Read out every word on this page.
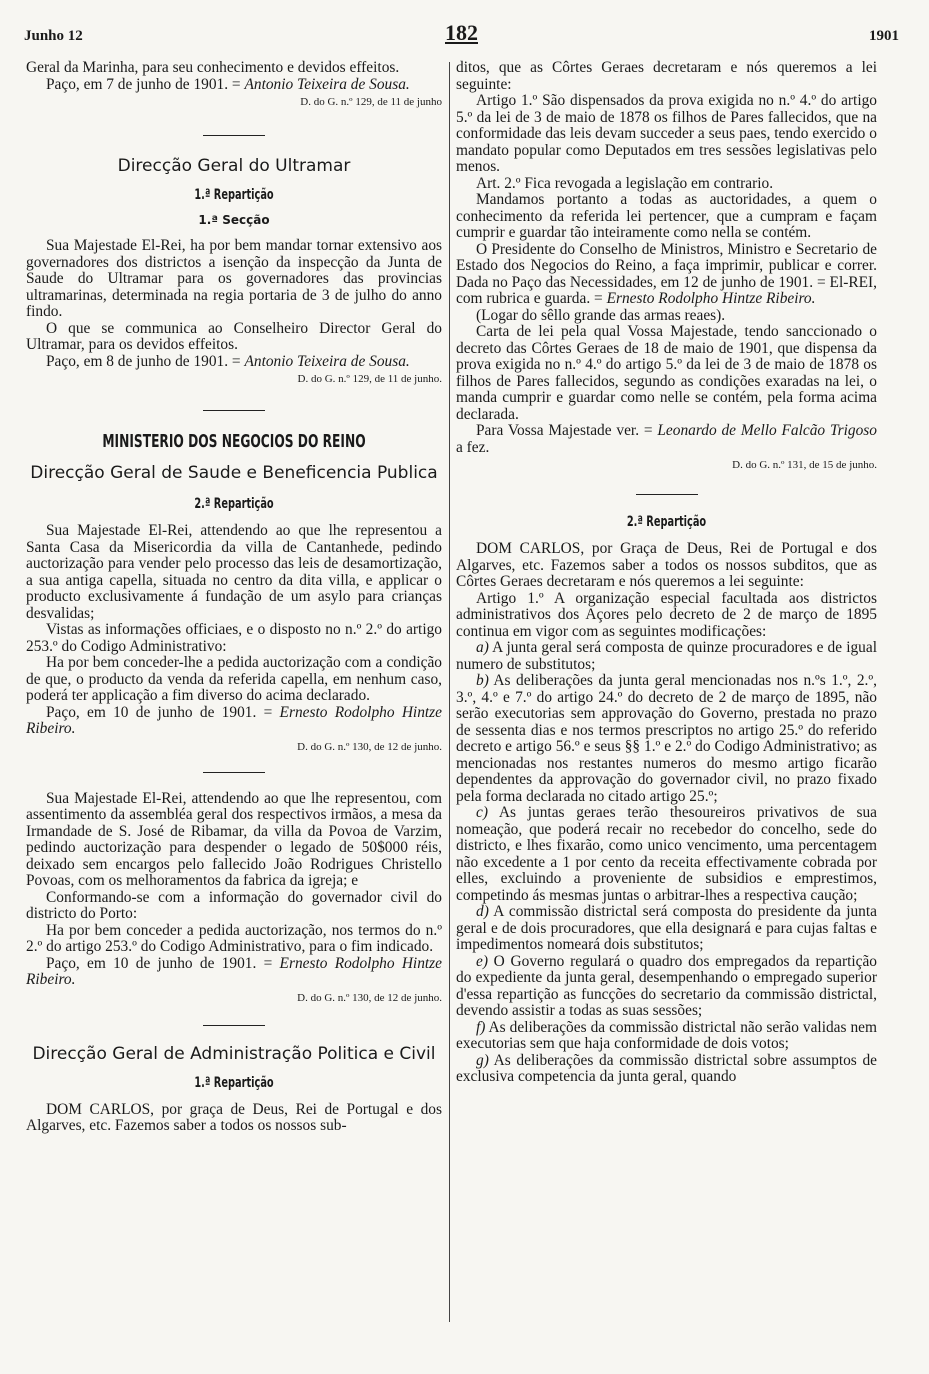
Junho 12	182	1901

Geral da Marinha, para seu conhecimento e devidos effeitos.

Paço, em 7 de junho de 1901. = Antonio Teixeira de Sousa.

D. do G. n.º 129, de 11 de junho
Direcção Geral do Ultramar
1.ª Repartição
1.ª Secção

Sua Majestade El-Rei, ha por bem mandar tornar extensivo aos governadores dos districtos a isenção da inspecção da Junta de Saude do Ultramar para os governadores das provincias ultramarinas, determinada na regia portaria de 3 de julho do anno findo.

O que se communica ao Conselheiro Director Geral do Ultramar, para os devidos effeitos.

Paço, em 8 de junho de 1901. = Antonio Teixeira de Sousa.

D. do G. n.º 129, de 11 de junho.
MINISTERIO DOS NEGOCIOS DO REINO
Direcção Geral de Saude e Beneficencia Publica
2.ª Repartição

Sua Majestade El-Rei, attendendo ao que lhe representou a Santa Casa da Misericordia da villa de Cantanhede, pedindo auctorização para vender pelo processo das leis de desamortização, a sua antiga capella, situada no centro da dita villa, e applicar o producto exclusivamente á fundação de um asylo para crianças desvalidas;

Vistas as informações officiaes, e o disposto no n.º 2.º do artigo 253.º do Codigo Administrativo:

Ha por bem conceder-lhe a pedida auctorização com a condição de que, o producto da venda da referida capella, em nenhum caso, poderá ter applicação a fim diverso do acima declarado.

Paço, em 10 de junho de 1901. = Ernesto Rodolpho Hintze Ribeiro.

D. do G. n.º 130, de 12 de junho.

Sua Majestade El-Rei, attendendo ao que lhe representou, com assentimento da assembléa geral dos respectivos irmãos, a mesa da Irmandade de S. José de Ribamar, da villa da Povoa de Varzim, pedindo auctorização para despender o legado de 50$000 réis, deixado sem encargos pelo fallecido João Rodrigues Christello Povoas, com os melhoramentos da fabrica da igreja; e

Conformando-se com a informação do governador civil do districto do Porto:

Ha por bem conceder a pedida auctorização, nos termos do n.º 2.º do artigo 253.º do Codigo Administrativo, para o fim indicado.

Paço, em 10 de junho de 1901. = Ernesto Rodolpho Hintze Ribeiro.

D. do G. n.º 130, de 12 de junho.
Direcção Geral de Administração Politica e Civil
1.ª Repartição

DOM CARLOS, por graça de Deus, Rei de Portugal e dos Algarves, etc. Fazemos saber a todos os nossos sub-

ditos, que as Côrtes Geraes decretaram e nós queremos a lei seguinte:

Artigo 1.º São dispensados da prova exigida no n.º 4.º do artigo 5.º da lei de 3 de maio de 1878 os filhos de Pares fallecidos, que na conformidade das leis devam succeder a seus paes, tendo exercido o mandato popular como Deputados em tres sessões legislativas pelo menos.

Art. 2.º Fica revogada a legislação em contrario.

Mandamos portanto a todas as auctoridades, a quem o conhecimento da referida lei pertencer, que a cumpram e façam cumprir e guardar tão inteiramente como nella se contém.

O Presidente do Conselho de Ministros, Ministro e Secretario de Estado dos Negocios do Reino, a faça imprimir, publicar e correr. Dada no Paço das Necessidades, em 12 de junho de 1901. = El-REI, com rubrica e guarda. = Ernesto Rodolpho Hintze Ribeiro.

(Logar do sêllo grande das armas reaes).

Carta de lei pela qual Vossa Majestade, tendo sanccionado o decreto das Côrtes Geraes de 18 de maio de 1901, que dispensa da prova exigida no n.º 4.º do artigo 5.º da lei de 3 de maio de 1878 os filhos de Pares fallecidos, segundo as condições exaradas na lei, o manda cumprir e guardar como nelle se contém, pela forma acima declarada.

Para Vossa Majestade ver. = Leonardo de Mello Falcão Trigoso a fez.

D. do G. n.º 131, de 15 de junho.
2.ª Repartição

DOM CARLOS, por Graça de Deus, Rei de Portugal e dos Algarves, etc. Fazemos saber a todos os nossos subditos, que as Côrtes Geraes decretaram e nós queremos a lei seguinte:

Artigo 1.º A organização especial facultada aos districtos administrativos dos Açores pelo decreto de 2 de março de 1895 continua em vigor com as seguintes modificações:

a) A junta geral será composta de quinze procuradores e de igual numero de substitutos;

b) As deliberações da junta geral mencionadas nos n.ºs 1.º, 2.º, 3.º, 4.º e 7.º do artigo 24.º do decreto de 2 de março de 1895, não serão executorias sem approvação do Governo, prestada no prazo de sessenta dias e nos termos prescriptos no artigo 25.º do referido decreto e artigo 56.º e seus §§ 1.º e 2.º do Codigo Administrativo; as mencionadas nos restantes numeros do mesmo artigo ficarão dependentes da approvação do governador civil, no prazo fixado pela forma declarada no citado artigo 25.º;

c) As juntas geraes terão thesoureiros privativos de sua nomeação, que poderá recair no recebedor do concelho, sede do districto, e lhes fixarão, como unico vencimento, uma percentagem não excedente a 1 por cento da receita effectivamente cobrada por elles, excluindo a proveniente de subsidios e emprestimos, competindo ás mesmas juntas o arbitrar-lhes a respectiva caução;

d) A commissão districtal será composta do presidente da junta geral e de dois procuradores, que ella designará e para cujas faltas e impedimentos nomeará dois substitutos;

e) O Governo regulará o quadro dos empregados da repartição do expediente da junta geral, desempenhando o empregado superior d'essa repartição as funcções do secretario da commissão districtal, devendo assistir a todas as suas sessões;

f) As deliberações da commissão districtal não serão validas nem executorias sem que haja conformidade de dois votos;

g) As deliberações da commissão districtal sobre assumptos de exclusiva competencia da junta geral, quando
